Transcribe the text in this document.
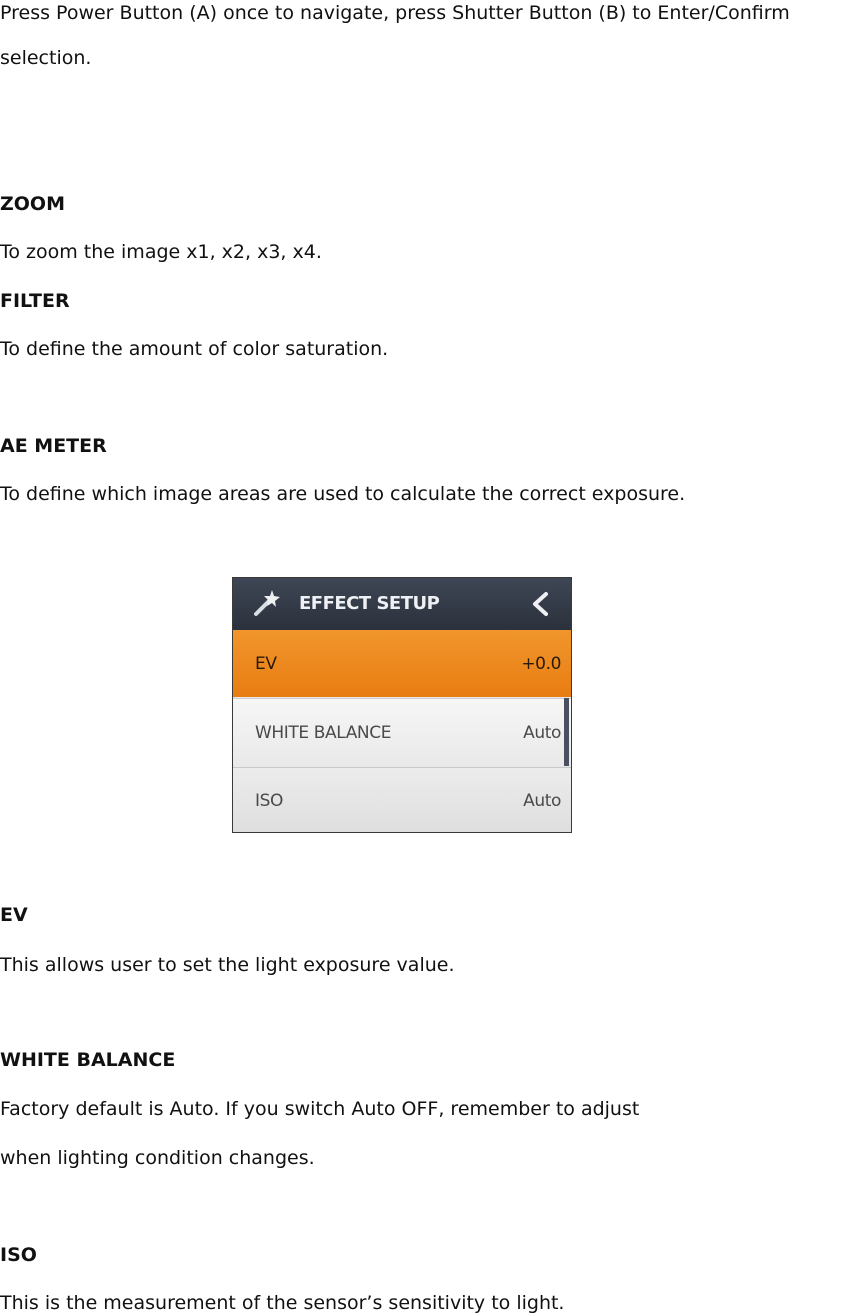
Press Power Button (A) once to navigate, press Shutter Button (B) to Enter/Confirm

selection.

ZOOM

To zoom the image x1, x2, x3, x4.

FILTER

To define the amount of color saturation.

AE METER

To define which image areas are used to calculate the correct exposure.

EFFECT SETUP
EV	+0.0
WHITE BALANCE	Auto
ISO	Auto

EV

This allows user to set the light exposure value.

WHITE BALANCE

Factory default is Auto. If you switch Auto OFF, remember to adjust

when lighting condition changes.

ISO

This is the measurement of the sensor’s sensitivity to light.
